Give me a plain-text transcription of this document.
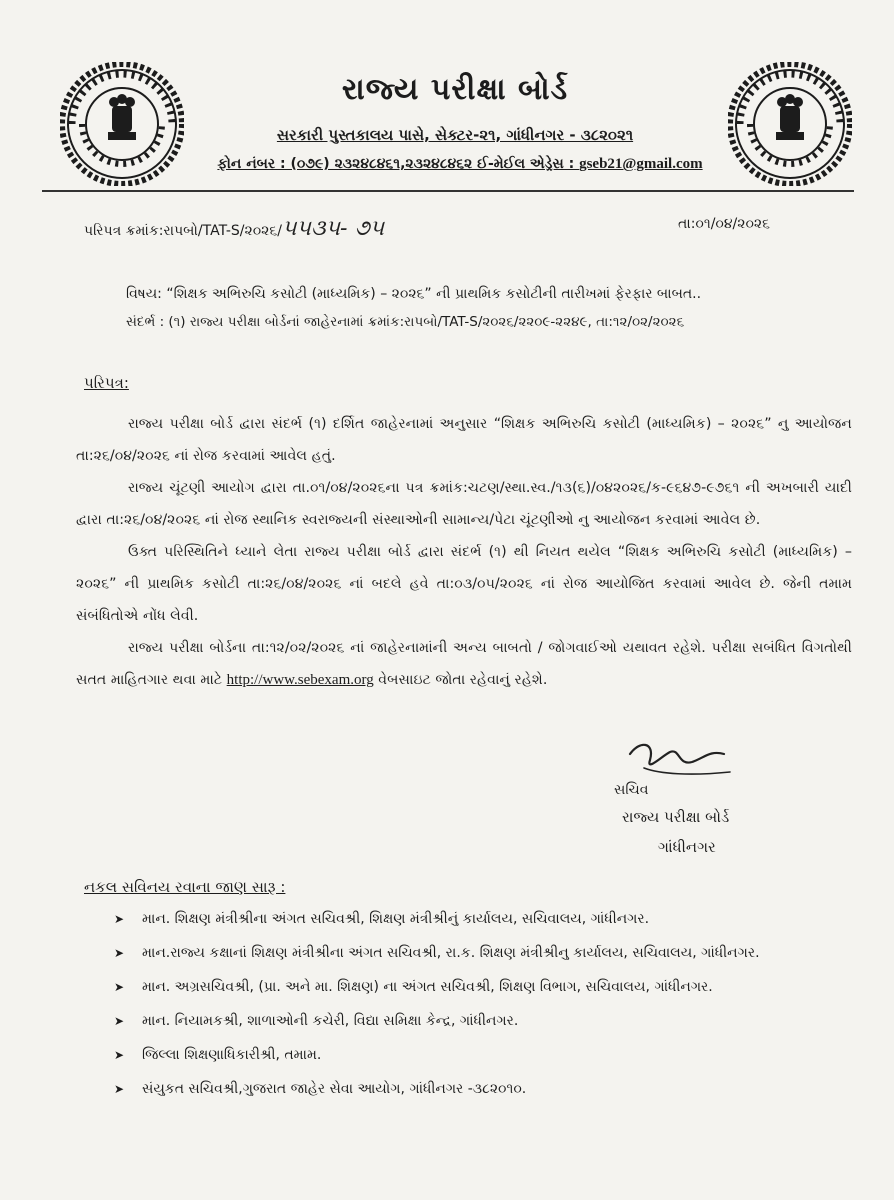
રાજ્ય પરીક્ષા બોર્ડ
સરકારી પુસ્તકાલય પાસે, સેક્ટર-૨૧, ગાંધીનગર - ૩૮૨૦૨૧
ફોન નંબર : (૦૭૯) ૨૩૨૪૮૪૬૧,૨૩૨૪૮૪૬૨ ઈ-મેઈલ એડ્રેસ : gseb21@gmail.com
પરિપત્ર ક્રમાંક:રાપબો/TAT-S/૨૦૨૬/૫૫૩૫- ૭૫	તા:૦૧/૦૪/૨૦૨૬
વિષય: “શિક્ષક અભિરુચિ કસોટી (માધ્યમિક) – ૨૦૨૬” ની પ્રાથમિક કસોટીની તારીખમાં ફેરફાર બાબત..
સંદર્ભ : (૧) રાજ્ય પરીક્ષા બોર્ડનાં જાહેરનામાં ક્રમાંક:રાપબો/TAT-S/૨૦૨૬/૨૨૦૯-૨૨૪૯, તા:૧૨/૦૨/૨૦૨૬
પરિપત્ર:

રાજ્ય પરીક્ષા બોર્ડ દ્વારા સંદર્ભ (૧) દર્શિત જાહેરનામાં અનુસાર “શિક્ષક અભિરુચિ કસોટી (માધ્યમિક) – ૨૦૨૬” નુ આયોજન તા:૨૬/૦૪/૨૦૨૬ નાં રોજ કરવામાં આવેલ હતું.

રાજ્ય ચૂંટણી આયોગ દ્વારા તા.૦૧/૦૪/૨૦૨૬ના પત્ર ક્રમાંક:ચટણ/સ્થા.સ્વ./૧૩(૬)/૦૪૨૦૨૬/ક-૯૬૪૭-૯૭૬૧ ની અખબારી યાદી દ્વારા તા:૨૬/૦૪/૨૦૨૬ નાં રોજ સ્થાનિક સ્વરાજ્યની સંસ્થાઓની સામાન્ય/પેટા ચૂંટણીઓ નુ આયોજન કરવામાં આવેલ છે.

ઉક્ત પરિસ્થિતિને ધ્યાને લેતા રાજ્ય પરીક્ષા બોર્ડ દ્વારા સંદર્ભ (૧) થી નિયત થયેલ “શિક્ષક અભિરુચિ કસોટી (માધ્યમિક) – ૨૦૨૬” ની પ્રાથમિક કસોટી તા:૨૬/૦૪/૨૦૨૬ નાં બદલે હવે તા:૦૩/૦૫/૨૦૨૬ નાં રોજ આયોજિત કરવામાં આવેલ છે. જેની તમામ સંબંધિતોએ નોંધ લેવી.

રાજ્ય પરીક્ષા બોર્ડના તા:૧૨/૦૨/૨૦૨૬ નાં જાહેરનામાંની અન્ય બાબતો / જોગવાઈઓ યથાવત રહેશે. પરીક્ષા સબંધિત વિગતોથી સતત માહિતગાર થવા માટે http://www.sebexam.org વેબસાઇટ જોતા રહેવાનું રહેશે.

સચિવ
રાજ્ય પરીક્ષા બોર્ડ
ગાંધીનગર
નકલ સવિનય રવાના જાણ સારૂ :
➤ માન. શિક્ષણ મંત્રીશ્રીના અંગત સચિવશ્રી, શિક્ષણ મંત્રીશ્રીનું કાર્યાલય, સચિવાલય, ગાંધીનગર.
➤ માન.રાજ્ય કક્ષાનાં શિક્ષણ મંત્રીશ્રીના અંગત સચિવશ્રી, રા.ક. શિક્ષણ મંત્રીશ્રીનુ કાર્યાલય, સચિવાલય, ગાંધીનગર.
➤ માન. અગ્રસચિવશ્રી, (પ્રા. અને મા. શિક્ષણ) ના અંગત સચિવશ્રી, શિક્ષણ વિભાગ, સચિવાલય, ગાંધીનગર.
➤ માન. નિયામકશ્રી, શાળાઓની કચેરી, વિદ્યા સમિક્ષા કેન્દ્ર, ગાંધીનગર.
➤ જિલ્લા શિક્ષણાધિકારીશ્રી, તમામ.
➤ સંયુકત સચિવશ્રી,ગુજરાત જાહેર સેવા આયોગ, ગાંધીનગર -૩૮૨૦૧૦.
